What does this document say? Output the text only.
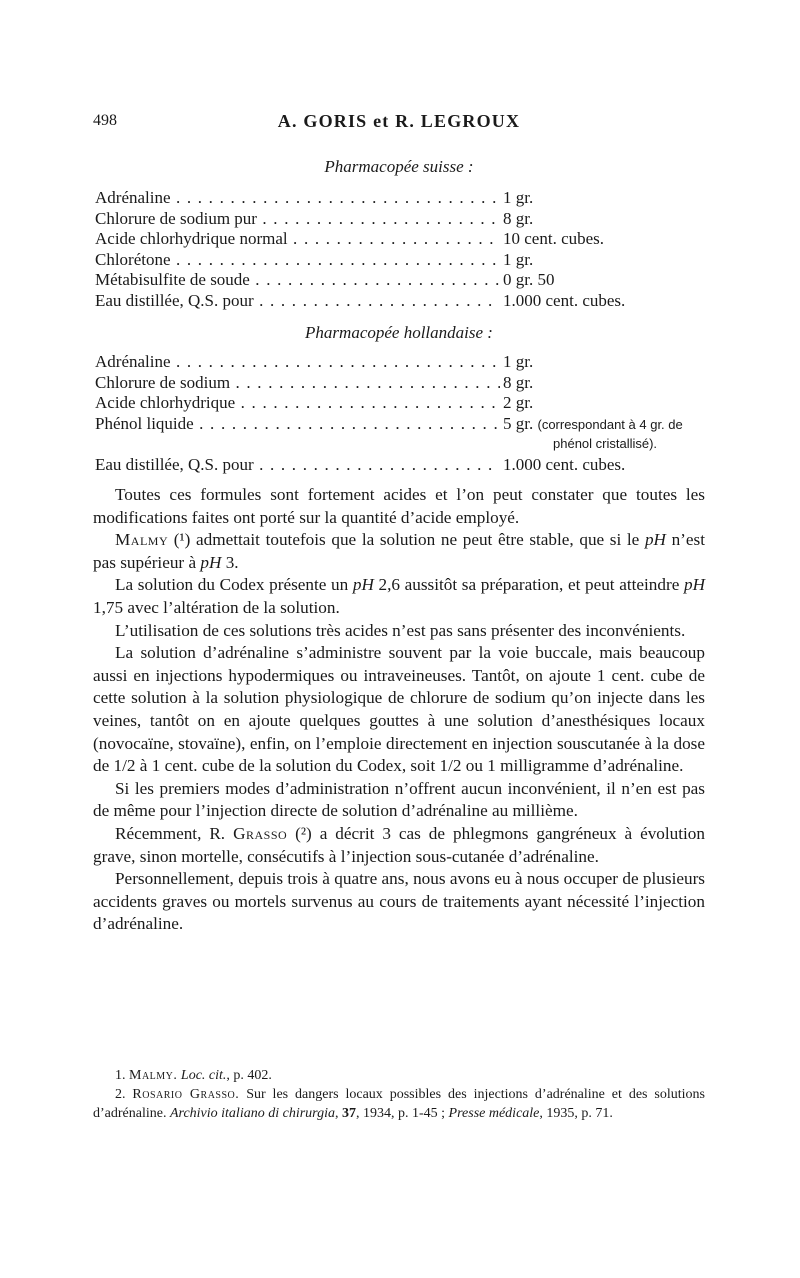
498	A. GORIS et R. LEGROUX
Pharmacopée suisse :
Adrénaline . . .	1 gr.
Chlorure de sodium pur . . .	8 gr.
Acide chlorhydrique normal . . .	10 cent. cubes.
Chlorétone . . .	1 gr.
Métabisulfite de soude . . .	0 gr. 50
Eau distillée, Q.S. pour . . .	1.000 cent. cubes.
Pharmacopée hollandaise :
Adrénaline . . .	1 gr.
Chlorure de sodium . . .	8 gr.
Acide chlorhydrique . . .	2 gr.
Phénol liquide . . .	5 gr. (correspondant à 4 gr. de
phénol cristallisé).
Eau distillée, Q.S. pour . . .	1.000 cent. cubes.

Toutes ces formules sont fortement acides et l’on peut constater que toutes les modifications faites ont porté sur la quantité d’acide employé.

Malmy (¹) admettait toutefois que la solution ne peut être stable, que si le pH n’est pas supérieur à pH 3.

La solution du Codex présente un pH 2,6 aussitôt sa préparation, et peut atteindre pH 1,75 avec l’altération de la solution.

L’utilisation de ces solutions très acides n’est pas sans présenter des inconvénients.

La solution d’adrénaline s’administre souvent par la voie buccale, mais beaucoup aussi en injections hypodermiques ou intraveineuses. Tantôt, on ajoute 1 cent. cube de cette solution à la solution physiologique de chlorure de sodium qu’on injecte dans les veines, tantôt on en ajoute quelques gouttes à une solution d’anesthésiques locaux (novocaïne, stovaïne), enfin, on l’emploie directement en injection souscutanée à la dose de 1/2 à 1 cent. cube de la solution du Codex, soit 1/2 ou 1 milligramme d’adrénaline.

Si les premiers modes d’administration n’offrent aucun inconvénient, il n’en est pas de même pour l’injection directe de solution d’adrénaline au millième.

Récemment, R. Grasso (²) a décrit 3 cas de phlegmons gangréneux à évolution grave, sinon mortelle, consécutifs à l’injection sous-cutanée d’adrénaline.

Personnellement, depuis trois à quatre ans, nous avons eu à nous occuper de plusieurs accidents graves ou mortels survenus au cours de traitements ayant nécessité l’injection d’adrénaline.

1. Malmy. Loc. cit., p. 402.

2. Rosario Grasso. Sur les dangers locaux possibles des injections d’adrénaline et des solutions d’adrénaline. Archivio italiano di chirurgia, 37, 1934, p. 1-45 ; Presse médicale, 1935, p. 71.
